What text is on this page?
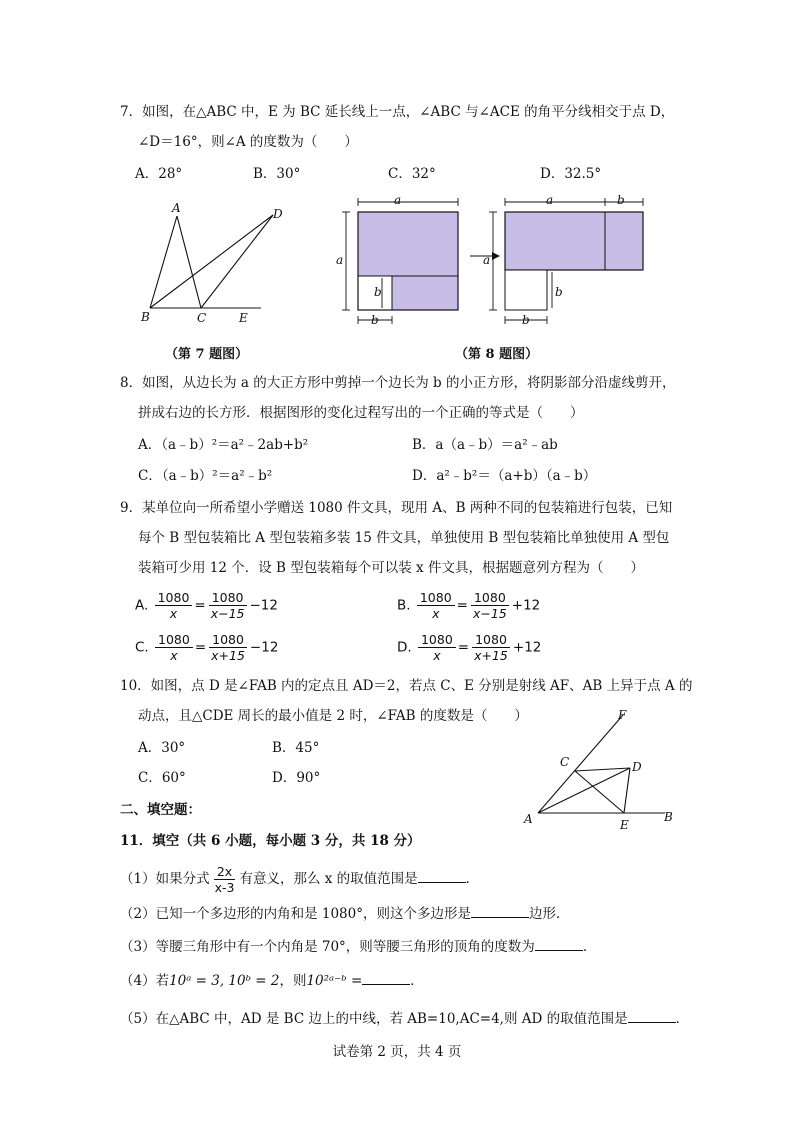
7．如图，在△ABC 中，E 为 BC 延长线上一点，∠ABC 与∠ACE 的角平分线相交于点 D，
∠D＝16°，则∠A 的度数为（　　）
A．28°	B．30°	C．32°	D．32.5°
A
B	C
D
E
a
a
b
b
a	b
a
b
b
（第 7 题图）	（第 8 题图）
8．如图，从边长为 a 的大正方形中剪掉一个边长为 b 的小正方形，将阴影部分沿虚线剪开，
拼成右边的长方形．根据图形的变化过程写出的一个正确的等式是（　　）
A．（a﹣b）²＝a²﹣2ab+b²	B．a（a﹣b）＝a²﹣ab
C．（a﹣b）²＝a²﹣b²	D．a²﹣b²＝（a+b）（a﹣b）
9．某单位向一所希望小学赠送 1080 件文具，现用 A、B 两种不同的包装箱进行包装，已知
每个 B 型包装箱比 A 型包装箱多装 15 件文具，单独使用 B 型包装箱比单独使用 A 型包
装箱可少用 12 个．设 B 型包装箱每个可以装 x 件文具，根据题意列方程为（　　）
A. $\frac{1080}{x} = \frac{1080}{x-15} -12$	B. $\frac{1080}{x} = \frac{1080}{x-15} +12$
C. $\frac{1080}{x} = \frac{1080}{x+15} -12$	D. $\frac{1080}{x} = \frac{1080}{x+15} +12$
10．如图，点 D 是∠FAB 内的定点且 AD＝2，若点 C、E 分别是射线 AF、AB 上异于点 A 的
动点，且△CDE 周长的最小值是 2 时，∠FAB 的度数是（　　）
A．30°	B．45°
C．60°	D．90°
F
C	D
A	E
B
二、填空题：
11．填空（共 6 小题，每小题 3 分，共 18 分）
（1）如果分式 $\frac{2x}{x-3}$ 有意义，那么 x 的取值范围是	．
（2）已知一个多边形的内角和是 1080°，则这个多边形是	边形．
（3）等腰三角形中有一个内角是 70°，则等腰三角形的顶角的度数为	．
（4）若10ᵃ = 3, 10ᵇ = 2，则10²ᵃ⁻ᵇ =	．
（5）在△ABC 中，AD 是 BC 边上的中线，若 AB=10,AC=4,则 AD 的取值范围是	．
试卷第 2 页，共 4 页
